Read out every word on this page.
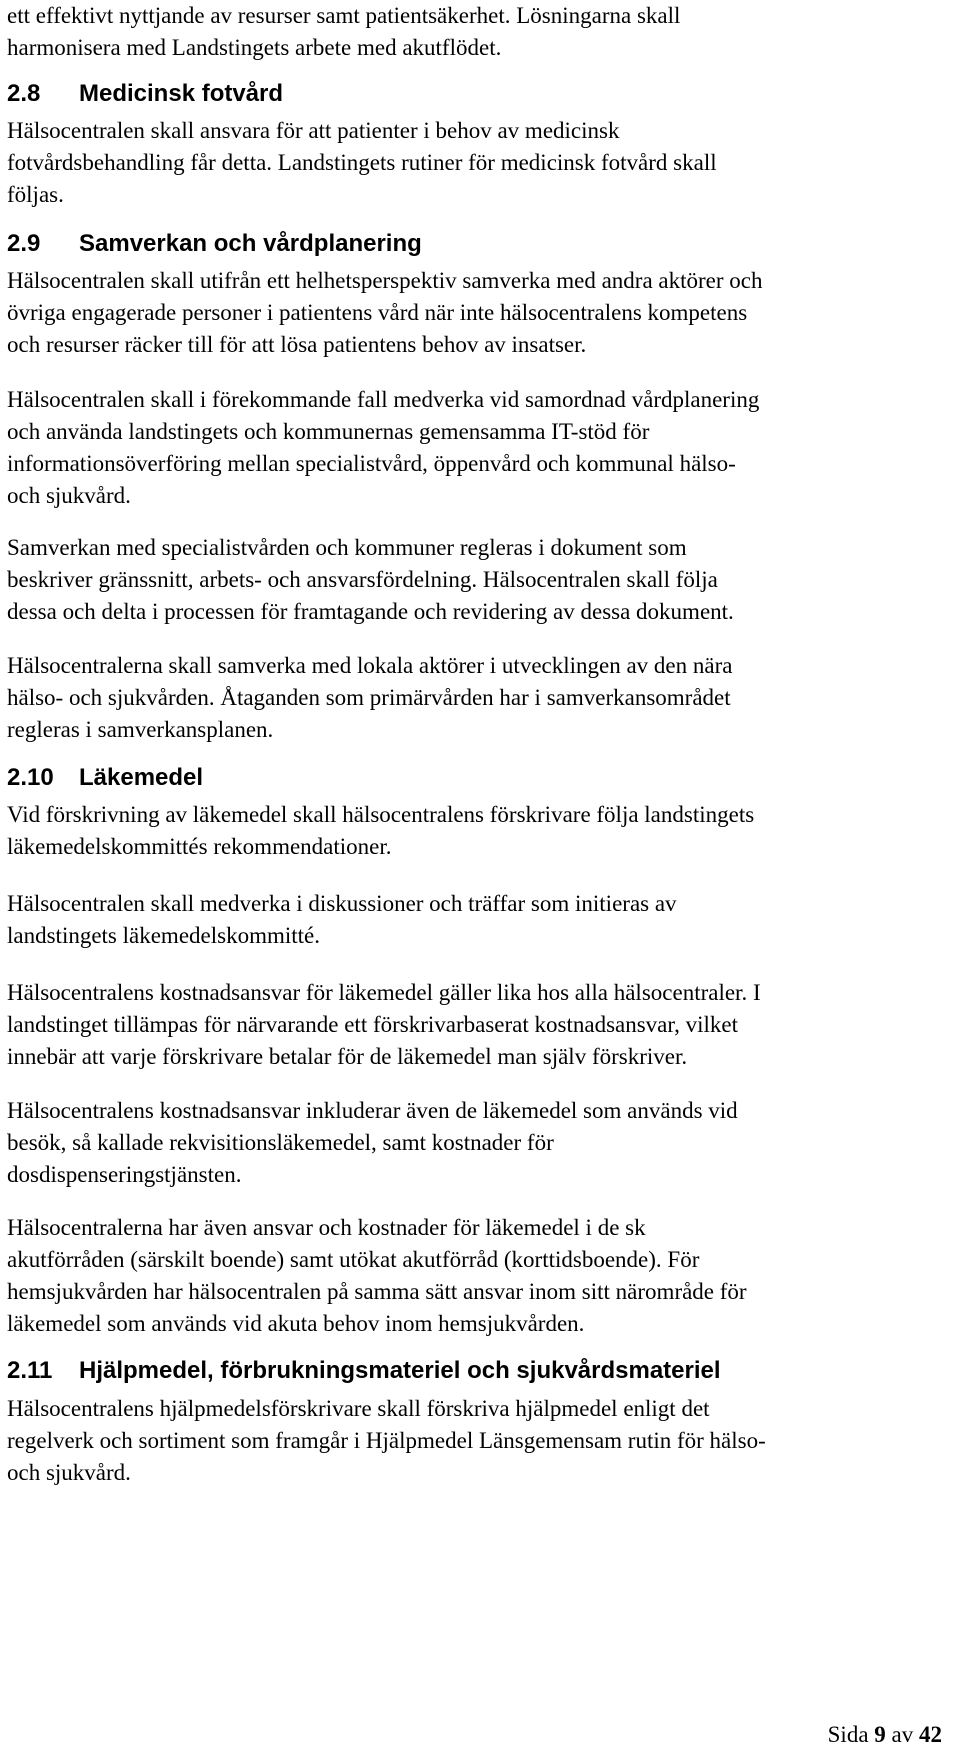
ett effektivt nyttjande av resurser samt patientsäkerhet. Lösningarna skall
harmonisera med Landstingets arbete med akutflödet.

2.8 Medicinsk fotvård

Hälsocentralen skall ansvara för att patienter i behov av medicinsk
fotvårdsbehandling får detta. Landstingets rutiner för medicinsk fotvård skall
följas.

2.9 Samverkan och vårdplanering

Hälsocentralen skall utifrån ett helhetsperspektiv samverka med andra aktörer och
övriga engagerade personer i patientens vård när inte hälsocentralens kompetens
och resurser räcker till för att lösa patientens behov av insatser.

Hälsocentralen skall i förekommande fall medverka vid samordnad vårdplanering
och använda landstingets och kommunernas gemensamma IT-stöd för
informationsöverföring mellan specialistvård, öppenvård och kommunal hälso-
och sjukvård.

Samverkan med specialistvården och kommuner regleras i dokument som
beskriver gränssnitt, arbets- och ansvarsfördelning. Hälsocentralen skall följa
dessa och delta i processen för framtagande och revidering av dessa dokument.

Hälsocentralerna skall samverka med lokala aktörer i utvecklingen av den nära
hälso- och sjukvården. Åtaganden som primärvården har i samverkansområdet
regleras i samverkansplanen.

2.10 Läkemedel

Vid förskrivning av läkemedel skall hälsocentralens förskrivare följa landstingets
läkemedelskommittés rekommendationer.

Hälsocentralen skall medverka i diskussioner och träffar som initieras av
landstingets läkemedelskommitté.

Hälsocentralens kostnadsansvar för läkemedel gäller lika hos alla hälsocentraler. I
landstinget tillämpas för närvarande ett förskrivarbaserat kostnadsansvar, vilket
innebär att varje förskrivare betalar för de läkemedel man själv förskriver.

Hälsocentralens kostnadsansvar inkluderar även de läkemedel som används vid
besök, så kallade rekvisitionsläkemedel, samt kostnader för
dosdispenseringstjänsten.

Hälsocentralerna har även ansvar och kostnader för läkemedel i de sk
akutförråden (särskilt boende) samt utökat akutförråd (korttidsboende). För
hemsjukvården har hälsocentralen på samma sätt ansvar inom sitt närområde för
läkemedel som används vid akuta behov inom hemsjukvården.

2.11 Hjälpmedel, förbrukningsmateriel och sjukvårdsmateriel

Hälsocentralens hjälpmedelsförskrivare skall förskriva hjälpmedel enligt det
regelverk och sortiment som framgår i Hjälpmedel Länsgemensam rutin för hälso-
och sjukvård.

Sida 9 av 42
